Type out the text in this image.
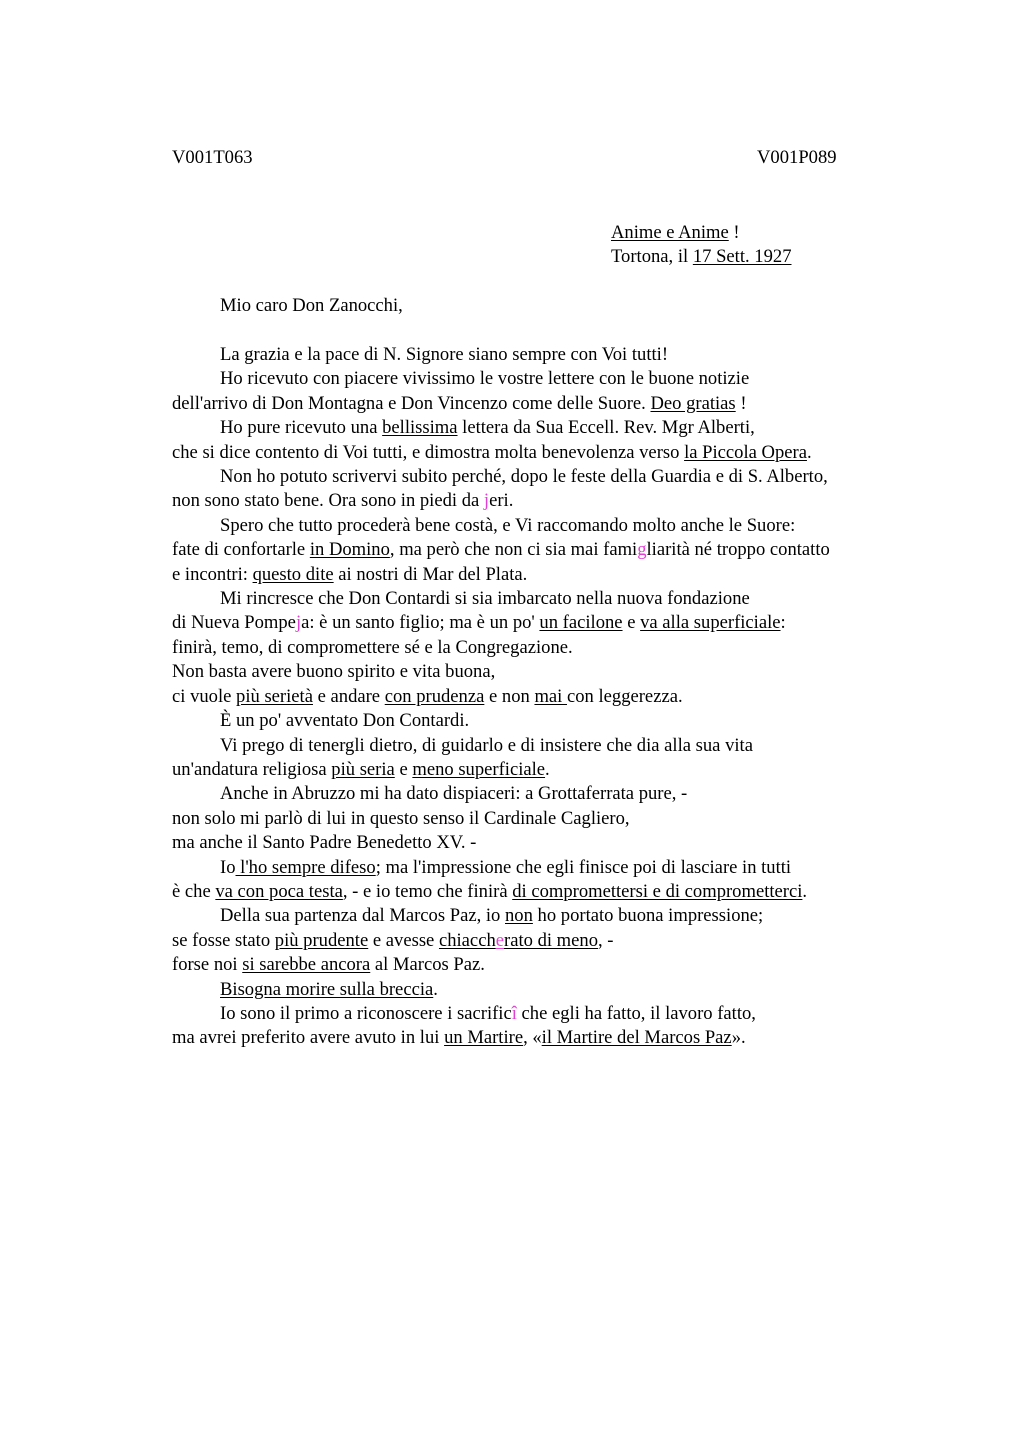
V001T063	V001P089
Anime e Anime !
Tortona, il 17 Sett. 1927
Mio caro Don Zanocchi,
La grazia e la pace di N. Signore siano sempre con Voi tutti!
Ho ricevuto con piacere vivissimo le vostre lettere con le buone notizie
dell'arrivo di Don Montagna e Don Vincenzo come delle Suore. Deo gratias !
Ho pure ricevuto una bellissima lettera da Sua Eccell. Rev. Mgr Alberti,
che si dice contento di Voi tutti, e dimostra molta benevolenza verso la Piccola Opera.
Non ho potuto scrivervi subito perché, dopo le feste della Guardia e di S. Alberto,
non sono stato bene. Ora sono in piedi da jeri.
Spero che tutto procederà bene costà, e Vi raccomando molto anche le Suore:
fate di confortarle in Domino, ma però che non ci sia mai famigliarità né troppo contatto
e incontri: questo dite ai nostri di Mar del Plata.
Mi rincresce che Don Contardi si sia imbarcato nella nuova fondazione
di Nueva Pompeja: è un santo figlio; ma è un po' un facilone e va alla superficiale:
finirà, temo, di compromettere sé e la Congregazione.
Non basta avere buono spirito e vita buona,
ci vuole più serietà e andare con prudenza e non mai con leggerezza.
È un po' avventato Don Contardi.
Vi prego di tenergli dietro, di guidarlo e di insistere che dia alla sua vita
un'andatura religiosa più seria e meno superficiale.
Anche in Abruzzo mi ha dato dispiaceri: a Grottaferrata pure, -
non solo mi parlò di lui in questo senso il Cardinale Cagliero,
ma anche il Santo Padre Benedetto XV. -
Io l'ho sempre difeso; ma l'impressione che egli finisce poi di lasciare in tutti
è che va con poca testa, - e io temo che finirà di compromettersi e di comprometterci.
Della sua partenza dal Marcos Paz, io non ho portato buona impressione;
se fosse stato più prudente e avesse chiaccherato di meno, -
forse noi si sarebbe ancora al Marcos Paz.
Bisogna morire sulla breccia.
Io sono il primo a riconoscere i sacrificî che egli ha fatto, il lavoro fatto,
ma avrei preferito avere avuto in lui un Martire, «il Martire del Marcos Paz».
